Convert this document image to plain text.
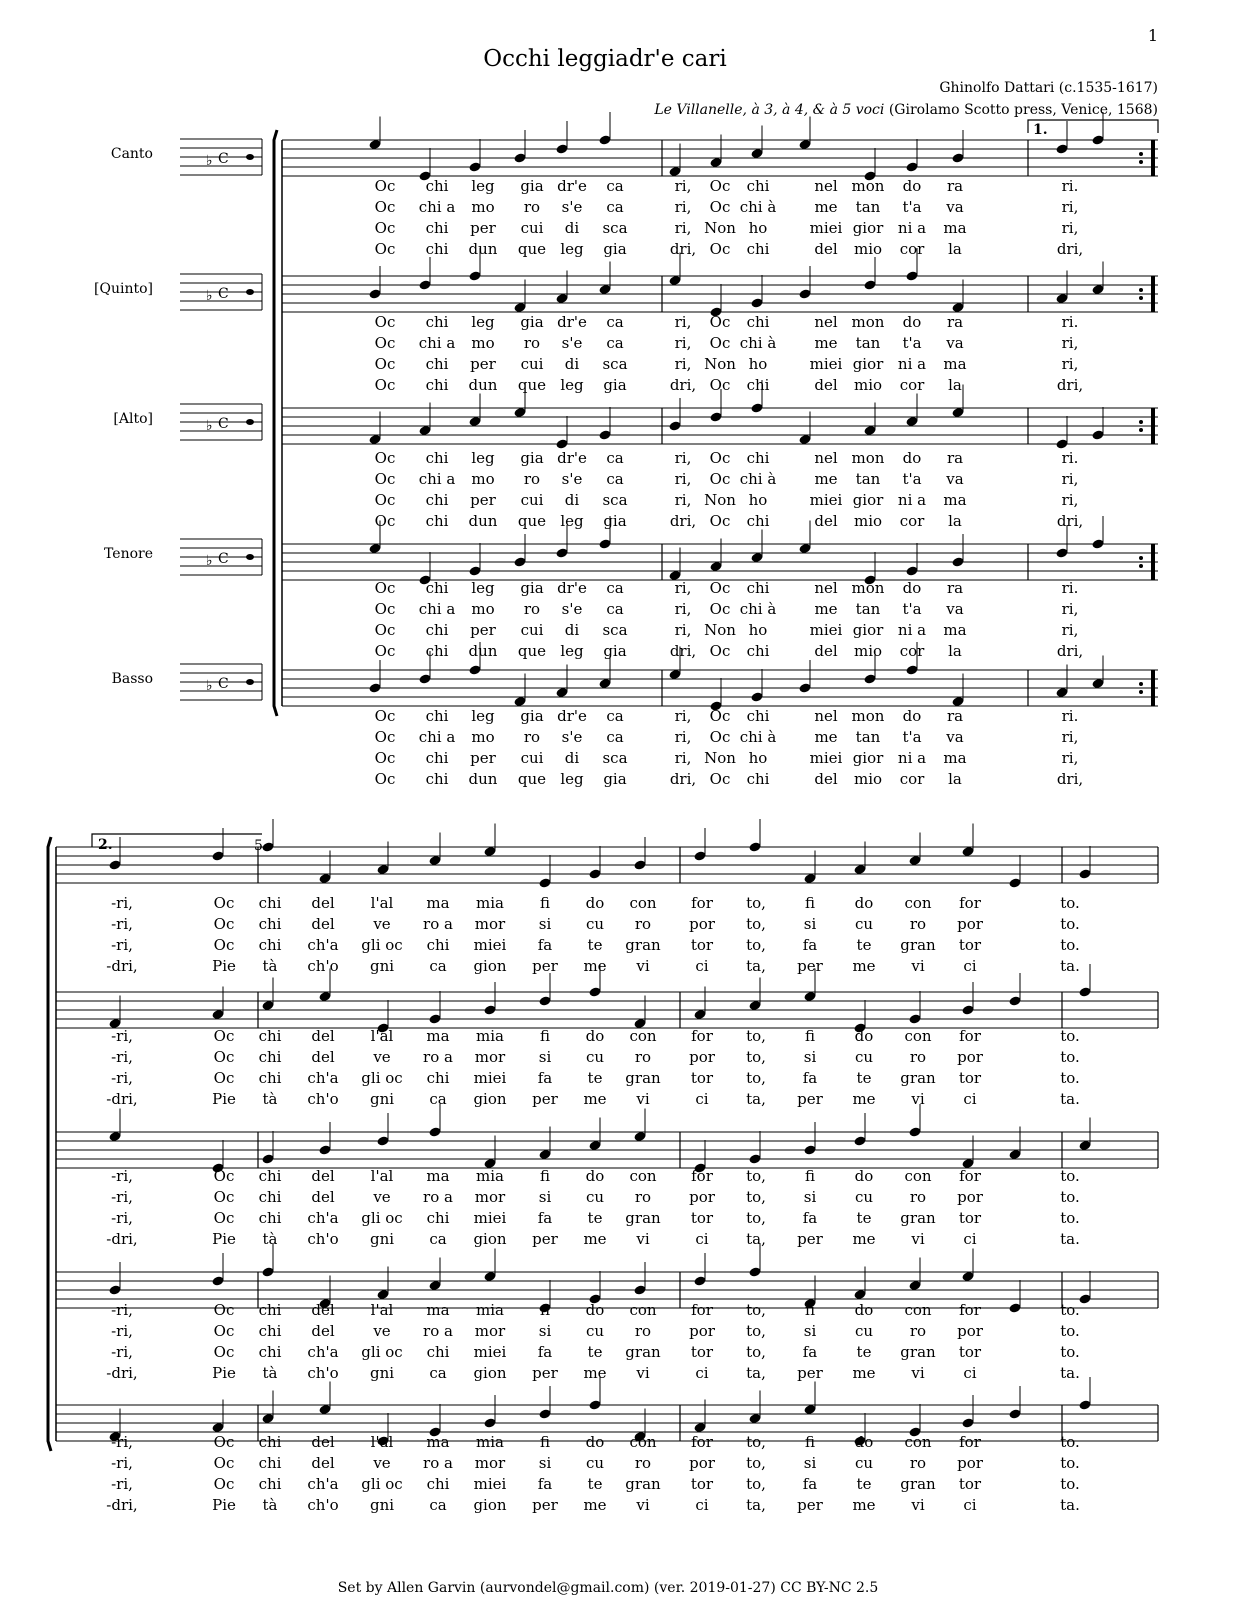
1
Occhi leggiadr'e cari
Ghinolfo Dattari (c.1535-1617)
Le Villanelle, à 3, à 4, & à 5 voci (Girolamo Scotto press, Venice, 1568)
Canto
[Quinto]
[Alto]
Tenore
Basso
♭ C
♭ C
♭ C
♭ C
♭ C
1.
2.	5
Oc chi leg gia dr'e ca	ri, Oc chi	nel mon do ra	ri.
Oc chi a mo ro s'e ca	ri, Oc chi à	me tan t'a va	ri,
Oc chi per cui di sca	ri, Non ho	miei gior ni a ma	ri,
Oc chi dun que leg gia	dri, Oc chi	del mio cor la	dri,
Oc chi leg gia dr'e ca	ri, Oc chi	nel mon do ra	ri.
Oc chi a mo ro s'e ca	ri, Oc chi à	me tan t'a va	ri,
Oc chi per cui di sca	ri, Non ho	miei gior ni a ma	ri,
Oc chi dun que leg gia	dri, Oc chi	del mio cor la	dri,
Oc chi leg gia dr'e ca	ri, Oc chi	nel mon do ra	ri.
Oc chi a mo ro s'e ca	ri, Oc chi à	me tan t'a va	ri,
Oc chi per cui di sca	ri, Non ho	miei gior ni a ma	ri,
Oc chi dun que leg gia	dri, Oc chi	del mio cor la	dri,
Oc chi leg gia dr'e ca	ri, Oc chi	nel mon do ra	ri.
Oc chi a mo ro s'e ca	ri, Oc chi à	me tan t'a va	ri,
Oc chi per cui di sca	ri, Non ho	miei gior ni a ma	ri,
Oc chi dun que leg gia	dri, Oc chi	del mio cor la	dri,
Oc chi leg gia dr'e ca	ri, Oc chi	nel mon do ra	ri.
Oc chi a mo ro s'e ca	ri, Oc chi à	me tan t'a va	ri,
Oc chi per cui di sca	ri, Non ho	miei gior ni a ma	ri,
Oc chi dun que leg gia	dri, Oc chi	del mio cor la	dri,
-ri,	Oc chi del l'al ma mia fi do con for to,	fi	do con for	to.
-ri,	Oc chi del	ve ro a mor si cu ro	por to,	si	cu ro por	to.
-ri,	Oc chi ch'a gli oc chi miei fa te gran tor to, fa	te gran tor	to.
-dri,	Pie tà ch'o gni ca gion per me vi	ci	ta, per me vi	ci	ta.
-ri,	Oc chi del l'al ma mia fi do con for to,	fi	do con for	to.
-ri,	Oc chi del	ve ro a mor si cu ro	por to,	si	cu ro por	to.
-ri,	Oc chi ch'a gli oc chi miei fa te gran tor to, fa	te gran tor	to.
-dri,	Pie tà ch'o gni ca gion per me vi	ci	ta, per me vi	ci	ta.
-ri,	Oc chi del l'al ma mia fi do con for to,	fi	do con for	to.
-ri,	Oc chi del	ve ro a mor si cu ro	por to,	si	cu ro por	to.
-ri,	Oc chi ch'a gli oc chi miei fa te gran tor to, fa	te gran tor	to.
-dri,	Pie tà ch'o gni ca gion per me vi	ci	ta, per me vi	ci	ta.
-ri,	Oc chi del l'al ma mia fi do con for to,	fi	do con for	to.
-ri,	Oc chi del	ve ro a mor si cu ro	por to,	si	cu ro por	to.
-ri,	Oc chi ch'a gli oc chi miei fa te gran tor to, fa	te gran tor	to.
-dri,	Pie tà ch'o gni ca gion per me vi	ci	ta, per me vi	ci	ta.
-ri,	Oc chi del l'al ma mia fi do con for to,	fi	do con for	to.
-ri,	Oc chi del	ve ro a mor si cu ro	por to,	si	cu ro por	to.
-ri,	Oc chi ch'a gli oc chi miei fa te gran tor to, fa	te gran tor	to.
-dri,	Pie tà ch'o gni ca gion per me vi	ci	ta, per me vi	ci	ta.
Set by Allen Garvin (aurvondel@gmail.com) (ver. 2019-01-27) CC BY-NC 2.5
